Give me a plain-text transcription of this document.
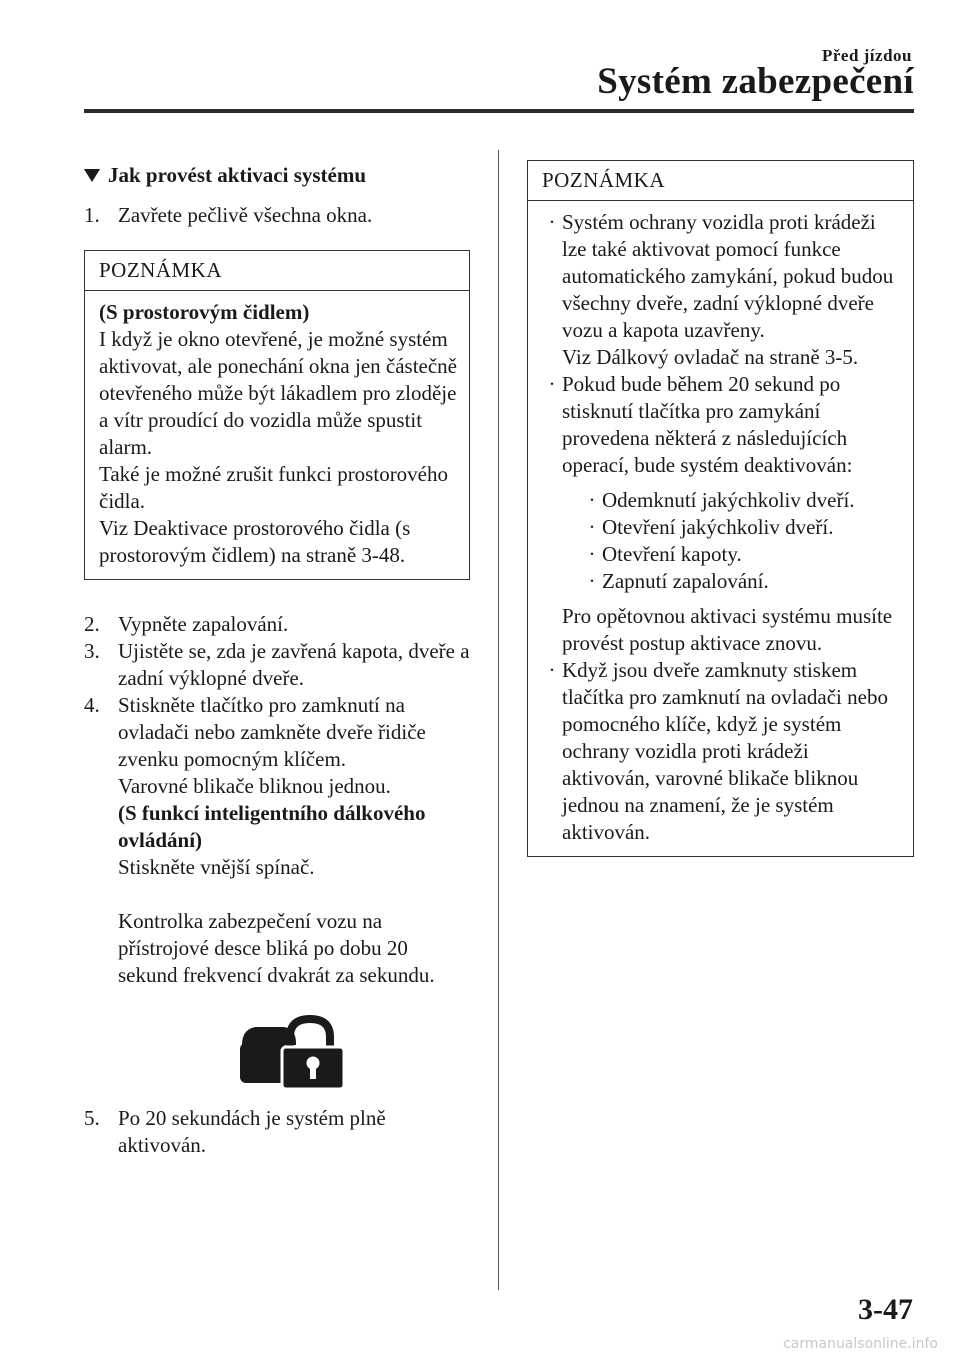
Před jízdou
Systém zabezpečení
Jak provést aktivaci systému
1. Zavřete pečlivě všechna okna.
POZNÁMKA
(S prostorovým čidlem)
I když je okno otevřené, je možné systém aktivovat, ale ponechání okna jen částečně otevřeného může být lákadlem pro zloděje a vítr proudící do vozidla může spustit alarm.
Také je možné zrušit funkci prostorového čidla.
Viz Deaktivace prostorového čidla (s prostorovým čidlem) na straně 3-48.
2. Vypněte zapalování.
3. Ujistěte se, zda je zavřená kapota, dveře a zadní výklopné dveře.
4. Stiskněte tlačítko pro zamknutí na ovladači nebo zamkněte dveře řidiče zvenku pomocným klíčem.
Varovné blikače bliknou jednou.
(S funkcí inteligentního dálkového ovládání)
Stiskněte vnější spínač.
Kontrolka zabezpečení vozu na přístrojové desce bliká po dobu 20 sekund frekvencí dvakrát za sekundu.
5. Po 20 sekundách je systém plně aktivován.
POZNÁMKA
· Systém ochrany vozidla proti krádeži lze také aktivovat pomocí funkce automatického zamykání, pokud budou všechny dveře, zadní výklopné dveře vozu a kapota uzavřeny.
Viz Dálkový ovladač na straně 3-5.
· Pokud bude během 20 sekund po stisknutí tlačítka pro zamykání provedena některá z následujících operací, bude systém deaktivován:
· Odemknutí jakýchkoliv dveří.
· Otevření jakýchkoliv dveří.
· Otevření kapoty.
· Zapnutí zapalování.
Pro opětovnou aktivaci systému musíte provést postup aktivace znovu.
· Když jsou dveře zamknuty stiskem tlačítka pro zamknutí na ovladači nebo pomocného klíče, když je systém ochrany vozidla proti krádeži aktivován, varovné blikače bliknou jednou na znamení, že je systém aktivován.
3-47
carmanualsonline.info
